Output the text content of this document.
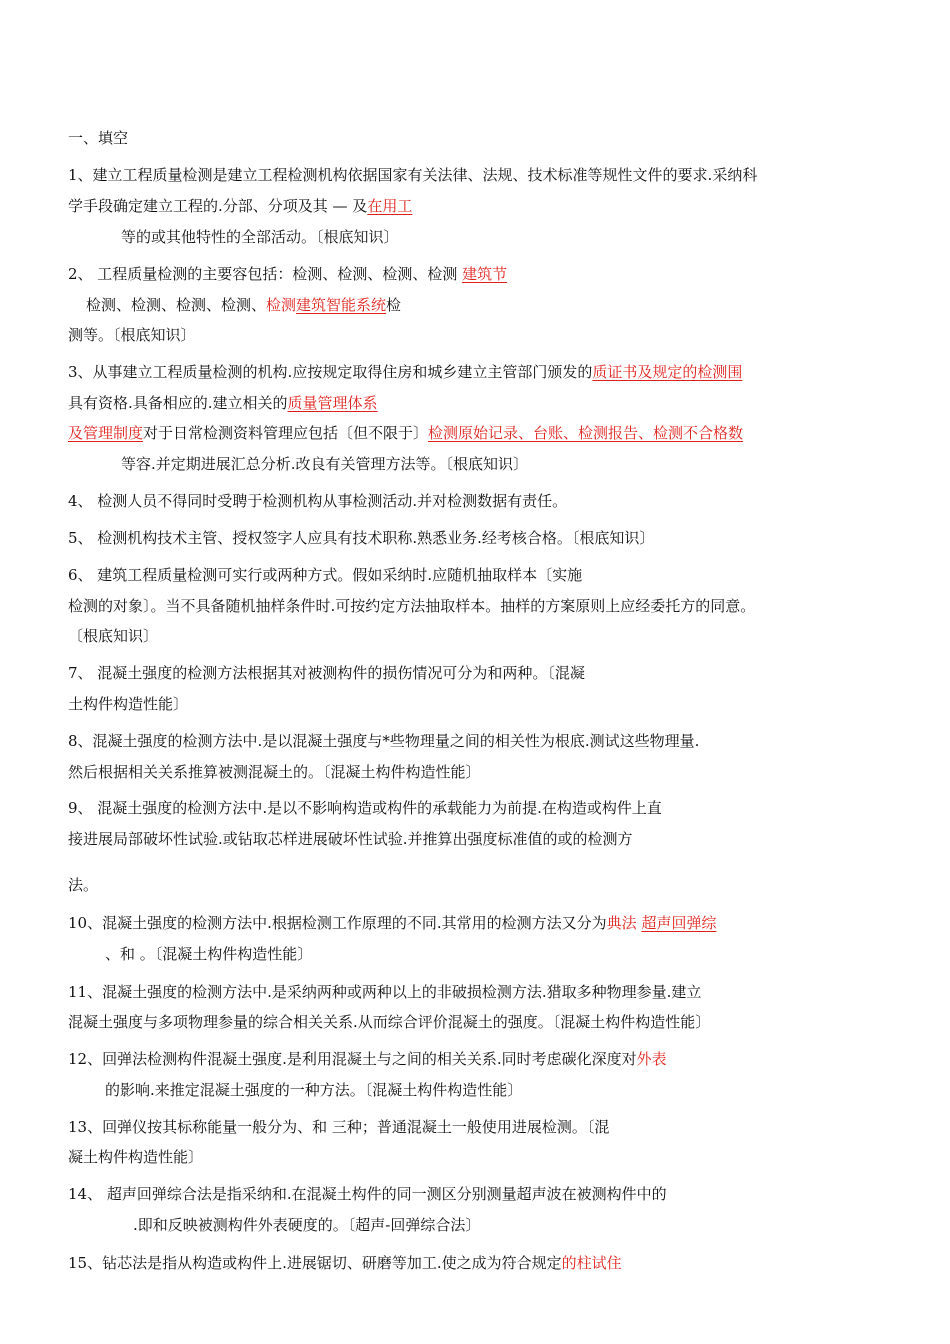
一、填空
1、建立工程质量检测是建立工程检测机构依据国家有关法律、法规、技术标准等规性文件的要求.采纳科
学手段确定建立工程的.分部、分项及其 — 及在用工
等的或其他特性的全部活动。〔根底知识〕
2、 工程质量检测的主要容包括：检测、检测、检测、检测 建筑节
检测、检测、检测、检测、检测建筑智能系统检
测等。〔根底知识〕
3、从事建立工程质量检测的机构.应按规定取得住房和城乡建立主管部门颁发的质证书及规定的检测围
具有资格.具备相应的.建立相关的质量管理体系
及管理制度对于日常检测资料管理应包括〔但不限于〕检测原始记录、台账、检测报告、检测不合格数
等容.并定期进展汇总分析.改良有关管理方法等。〔根底知识〕
4、 检测人员不得同时受聘于检测机构从事检测活动.并对检测数据有责任。
5、 检测机构技术主管、授权签字人应具有技术职称.熟悉业务.经考核合格。〔根底知识〕
6、 建筑工程质量检测可实行或两种方式。假如采纳时.应随机抽取样本〔实施
检测的对象〕。当不具备随机抽样条件时.可按约定方法抽取样本。抽样的方案原则上应经委托方的同意。
〔根底知识〕
7、 混凝土强度的检测方法根据其对被测构件的损伤情况可分为和两种。〔混凝
土构件构造性能〕
8、混凝土强度的检测方法中.是以混凝土强度与*些物理量之间的相关性为根底.测试这些物理量.
然后根据相关关系推算被测混凝土的。〔混凝土构件构造性能〕
9、 混凝土强度的检测方法中.是以不影响构造或构件的承载能力为前提.在构造或构件上直
接进展局部破坏性试验.或钻取芯样进展破坏性试验.并推算出强度标准值的或的检测方
法。
10、混凝土强度的检测方法中.根据检测工作原理的不同.其常用的检测方法又分为典法 超声回弹综
、和 。〔混凝土构件构造性能〕
11、混凝土强度的检测方法中.是采纳两种或两种以上的非破损检测方法.猎取多种物理参量.建立
混凝土强度与多项物理参量的综合相关关系.从而综合评价混凝土的强度。〔混凝土构件构造性能〕
12、回弹法检测构件混凝土强度.是利用混凝土与之间的相关关系.同时考虑碳化深度对外表
的影响.来推定混凝土强度的一种方法。〔混凝土构件构造性能〕
13、回弹仪按其标称能量一般分为、和 三种；普通混凝土一般使用进展检测。〔混
凝土构件构造性能〕
14、 超声回弹综合法是指采纳和.在混凝土构件的同一测区分别测量超声波在被测构件中的
.即和反映被测构件外表硬度的。〔超声-回弹综合法〕
15、钻芯法是指从构造或构件上.进展锯切、研磨等加工.使之成为符合规定的柱试住
